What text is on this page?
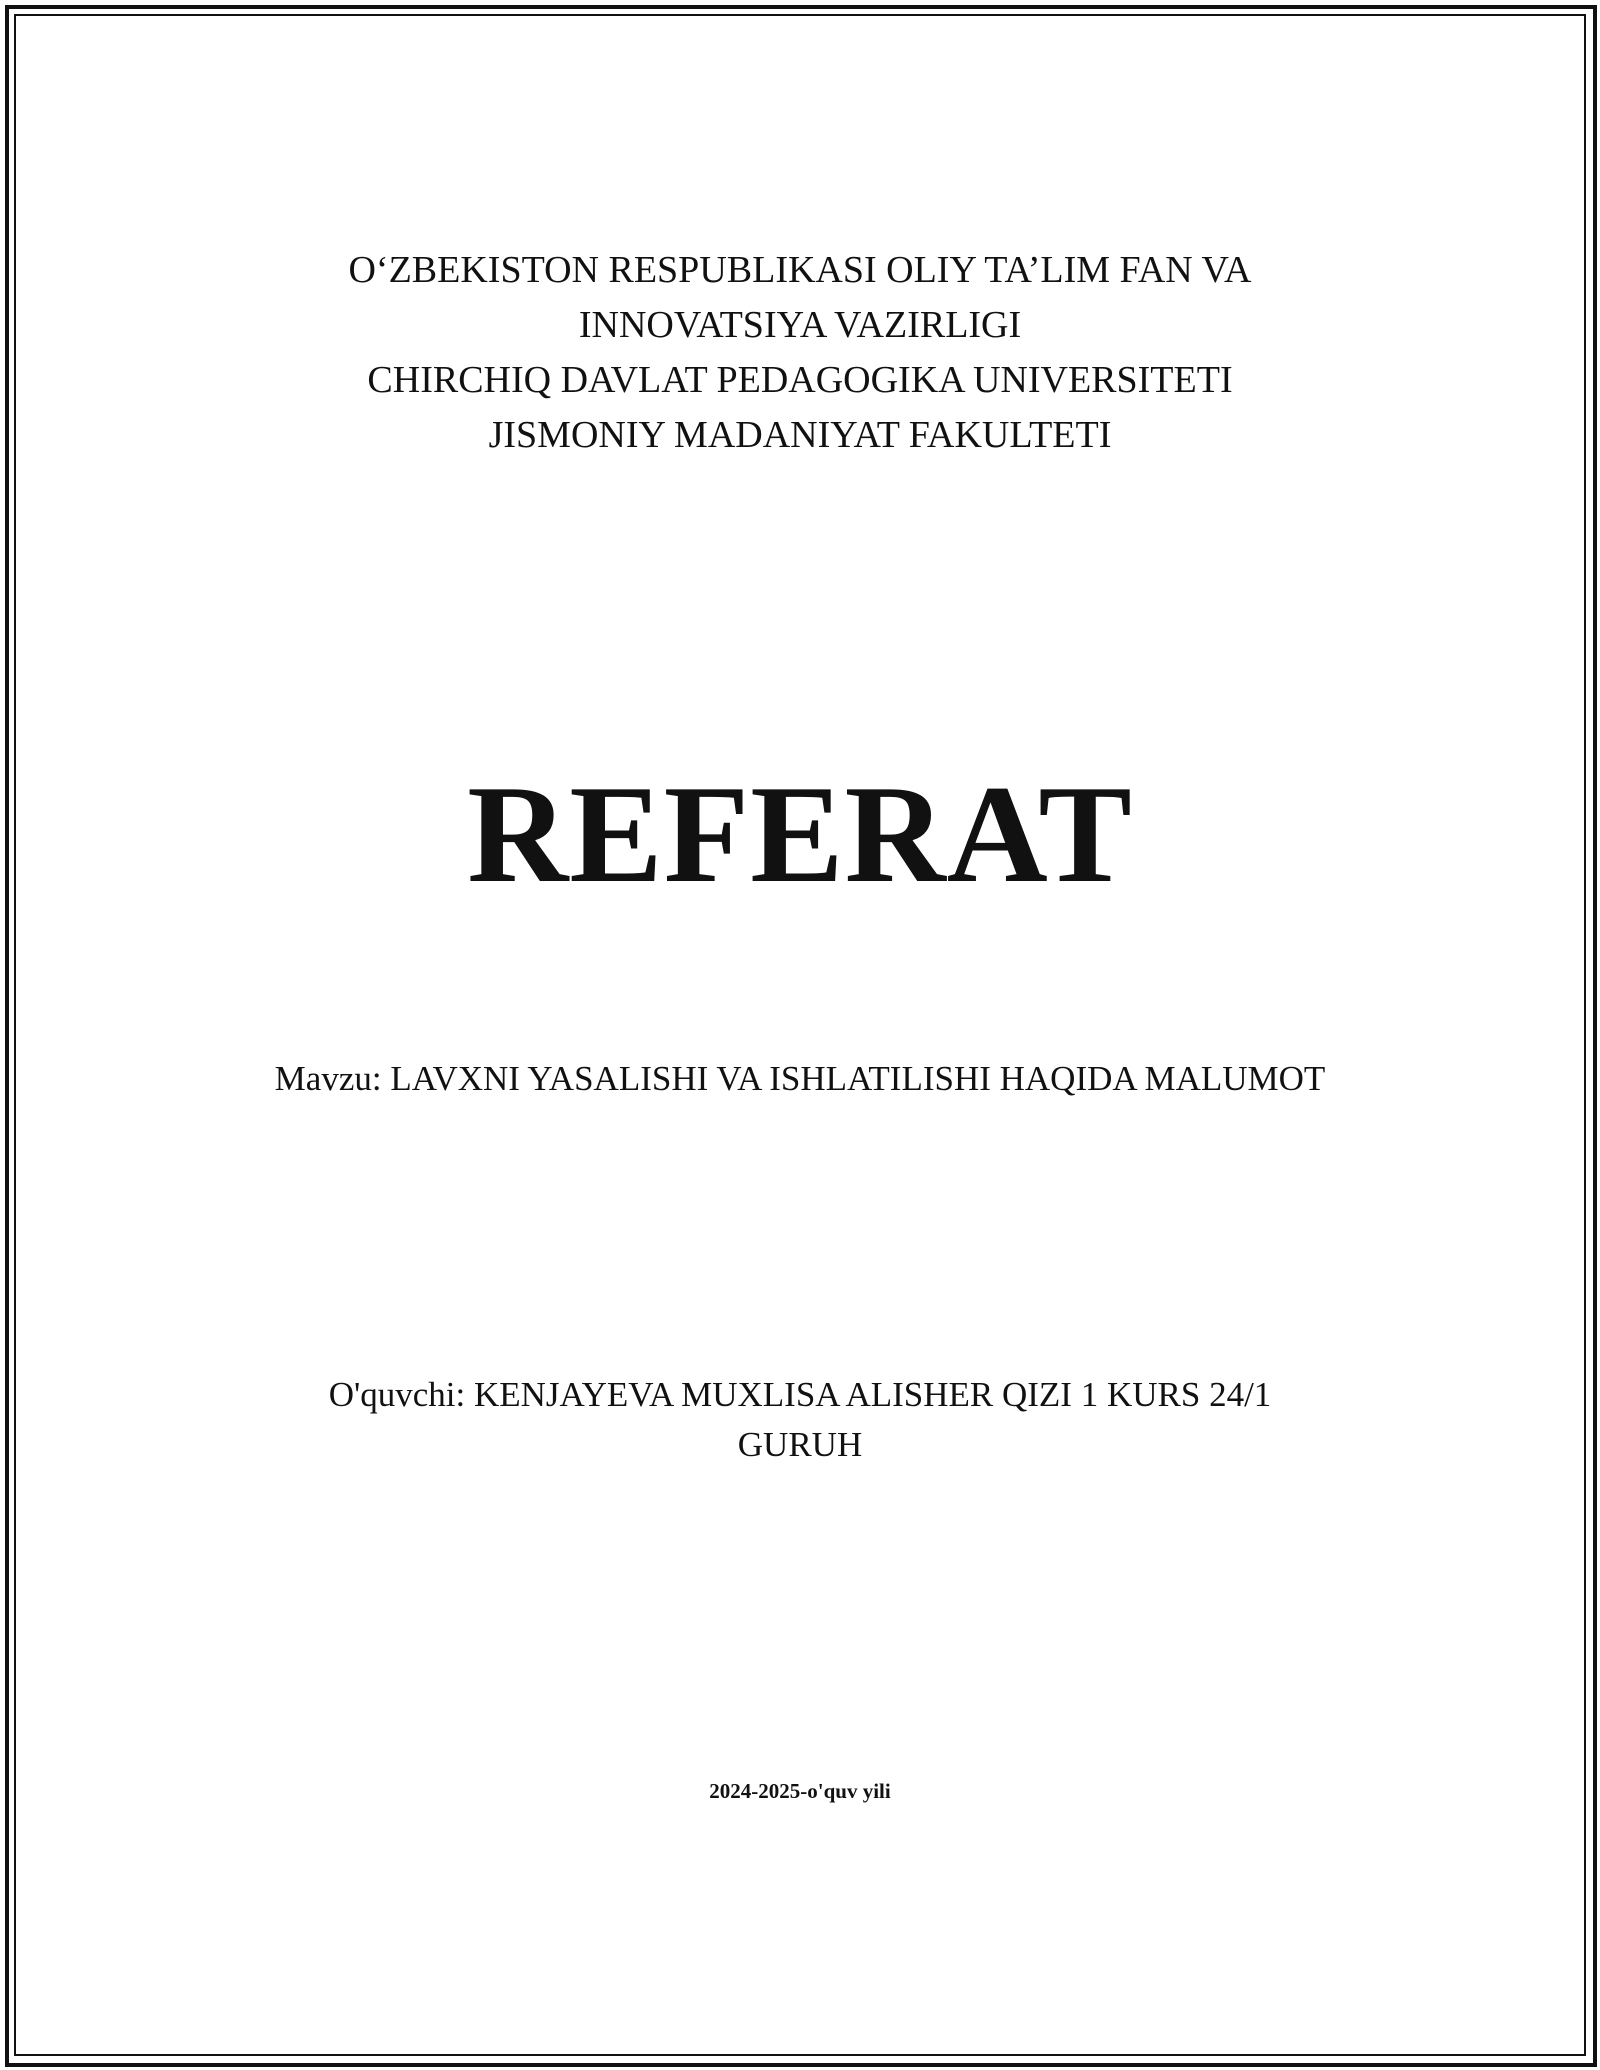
O‘ZBEKISTON RESPUBLIKASI OLIY TA’LIM FAN VA
INNOVATSIYA VAZIRLIGI
CHIRCHIQ DAVLAT PEDAGOGIKA UNIVERSITETI
JISMONIY MADANIYAT FAKULTETI
REFERAT
Mavzu: LAVXNI YASALISHI VA ISHLATILISHI HAQIDA MALUMOT
O'quvchi: KENJAYEVA MUXLISA ALISHER QIZI 1 KURS 24/1
GURUH
2024-2025-o'quv yili
